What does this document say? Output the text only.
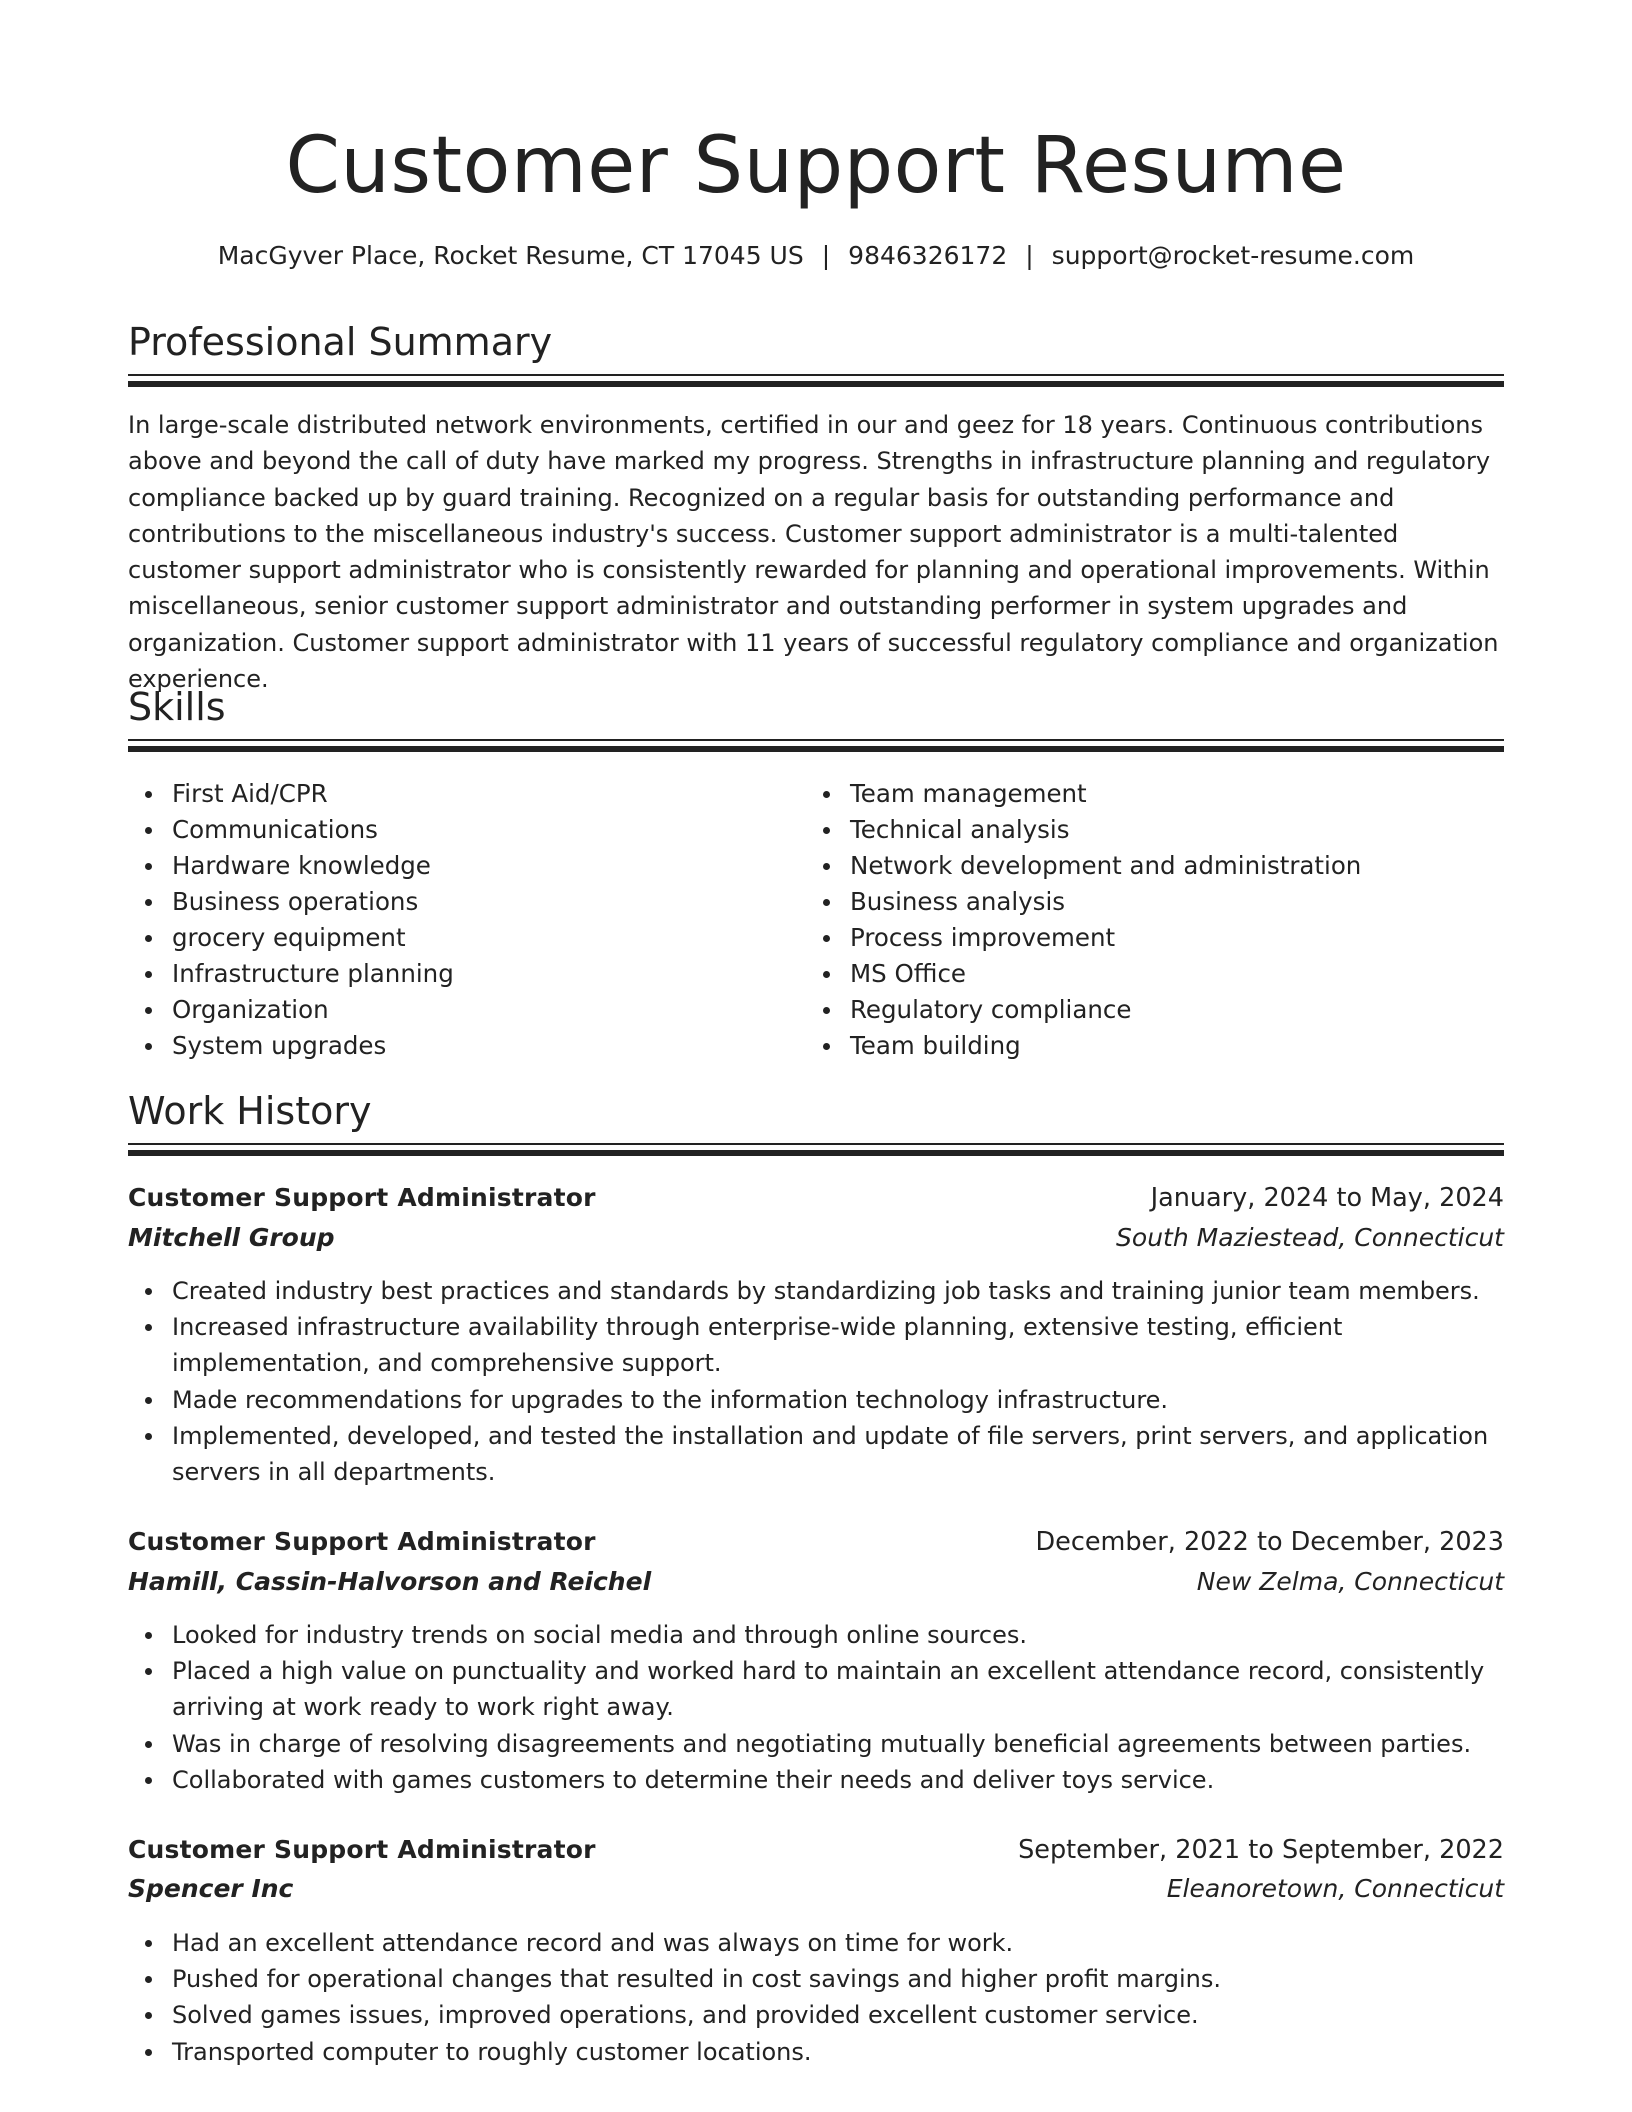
Customer Support Resume
MacGyver Place, Rocket Resume, CT 17045 US | 9846326172 | support@rocket-resume.com
Professional Summary

In large-scale distributed network environments, certified in our and geez for 18 years. Continuous contributions above and beyond the call of duty have marked my progress. Strengths in infrastructure planning and regulatory compliance backed up by guard training. Recognized on a regular basis for outstanding performance and contributions to the miscellaneous industry's success. Customer support administrator is a multi-talented customer support administrator who is consistently rewarded for planning and operational improvements. Within miscellaneous, senior customer support administrator and outstanding performer in system upgrades and organization. Customer support administrator with 11 years of successful regulatory compliance and organization experience.

Skills
First Aid/CPR
Communications
Hardware knowledge
Business operations
grocery equipment
Infrastructure planning
Organization
System upgrades
Team management
Technical analysis
Network development and administration
Business analysis
Process improvement
MS Office
Regulatory compliance
Team building
Work History
Customer Support Administrator	January, 2024 to May, 2024
Mitchell Group	South Maziestead, Connecticut
Created industry best practices and standards by standardizing job tasks and training junior team members.
Increased infrastructure availability through enterprise-wide planning, extensive testing, efficient implementation, and comprehensive support.
Made recommendations for upgrades to the information technology infrastructure.
Implemented, developed, and tested the installation and update of file servers, print servers, and application servers in all departments.
Customer Support Administrator	December, 2022 to December, 2023
Hamill, Cassin-Halvorson and Reichel	New Zelma, Connecticut
Looked for industry trends on social media and through online sources.
Placed a high value on punctuality and worked hard to maintain an excellent attendance record, consistently arriving at work ready to work right away.
Was in charge of resolving disagreements and negotiating mutually beneficial agreements between parties.
Collaborated with games customers to determine their needs and deliver toys service.
Customer Support Administrator	September, 2021 to September, 2022
Spencer Inc	Eleanoretown, Connecticut
Had an excellent attendance record and was always on time for work.
Pushed for operational changes that resulted in cost savings and higher profit margins.
Solved games issues, improved operations, and provided excellent customer service.
Transported computer to roughly customer locations.
